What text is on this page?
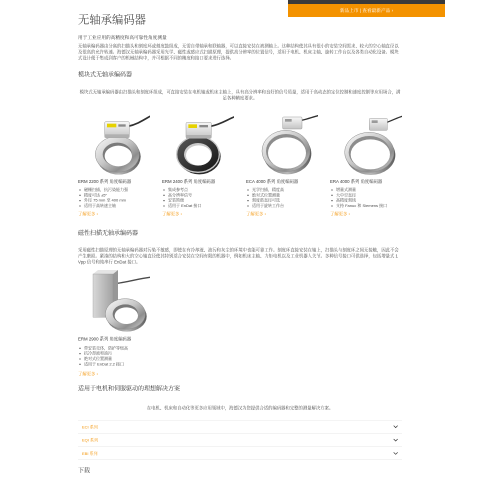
新品上市 | 查看最新产品 ›
无轴承编码器
用于工业应用的高精度和高可靠性角度测量

无轴承编码器由分离的扫描头和刻度环或刻度鼓组成，无需自带轴承和联轴器，可以直接安装在被测轴上。这种结构使其具有很小的安装空间需求、较大的空心轴直径以及很高的允许转速。海德汉无轴承编码器采用光学、磁性或感应式扫描原理，提供高分辨率的位置信号，适用于电机、机床主轴、旋转工作台以及各类自动化设备。模块式设计便于集成到客户的机械结构中，并可根据不同的精度和接口要求进行选择。

模块式无轴承编码器

模块式无轴承编码器由扫描头和刻度环组成，可直接安装在电机轴或机床主轴上，具有高分辨率和良好的信号质量，适用于高动态的定位控制和速度控制等应用场合，满足各种精度要求。

ERM 2200 系列 角度编码器
• 磁栅扫描，抗污染能力强
• 精度可达 ±5″
• 外径 75 mm 至 400 mm
• 适用于高转速主轴
了解更多 ›
ERM 2400 系列 角度编码器
• 集成参考点
• 高分辨率信号
• 安装简便
• 适用于 EnDat 接口
了解更多 ›
ECA 4000 系列 角度编码器
• 光学扫描，精度高
• 绝对式位置测量
• 刻度鼓直径可选
• 适用于旋转工作台
了解更多 ›
ERA 4000 系列 角度编码器
• 增量式测量
• 大中空直径
• 高精度刻线
• 支持 Fanuc 和 Siemens 接口
了解更多 ›
磁性扫描无轴承编码器

采用磁性扫描原理的无轴承编码器对污染不敏感，即使在有冷却液、油污和灰尘的环境中也能可靠工作。刻度环直接安装在轴上，扫描头与刻度环之间无接触，因此不会产生磨损。紧凑的结构和大的空心轴直径使其特别适合安装在空间有限的机器中，例如机床主轴、力矩电机以及工业机器人关节。多种信号接口可供选择，包括增量式 1 Vpp 信号和纯串行 EnDat 接口。

ERM 2900 系列 角度编码器
• 带安装壳体，防护等级高
• 抗冷却液和油污
• 绝对式位置测量
• 适用于 EnDat 2.2 接口
了解更多 ›
适用于电机和伺服驱动的理想解决方案

在电机、机床和自动化等更多应用领域中，海德汉为您提供合适的编码器和完整的测量解决方案。

ECI 系列
EQI 系列
EBI 系列
下载
